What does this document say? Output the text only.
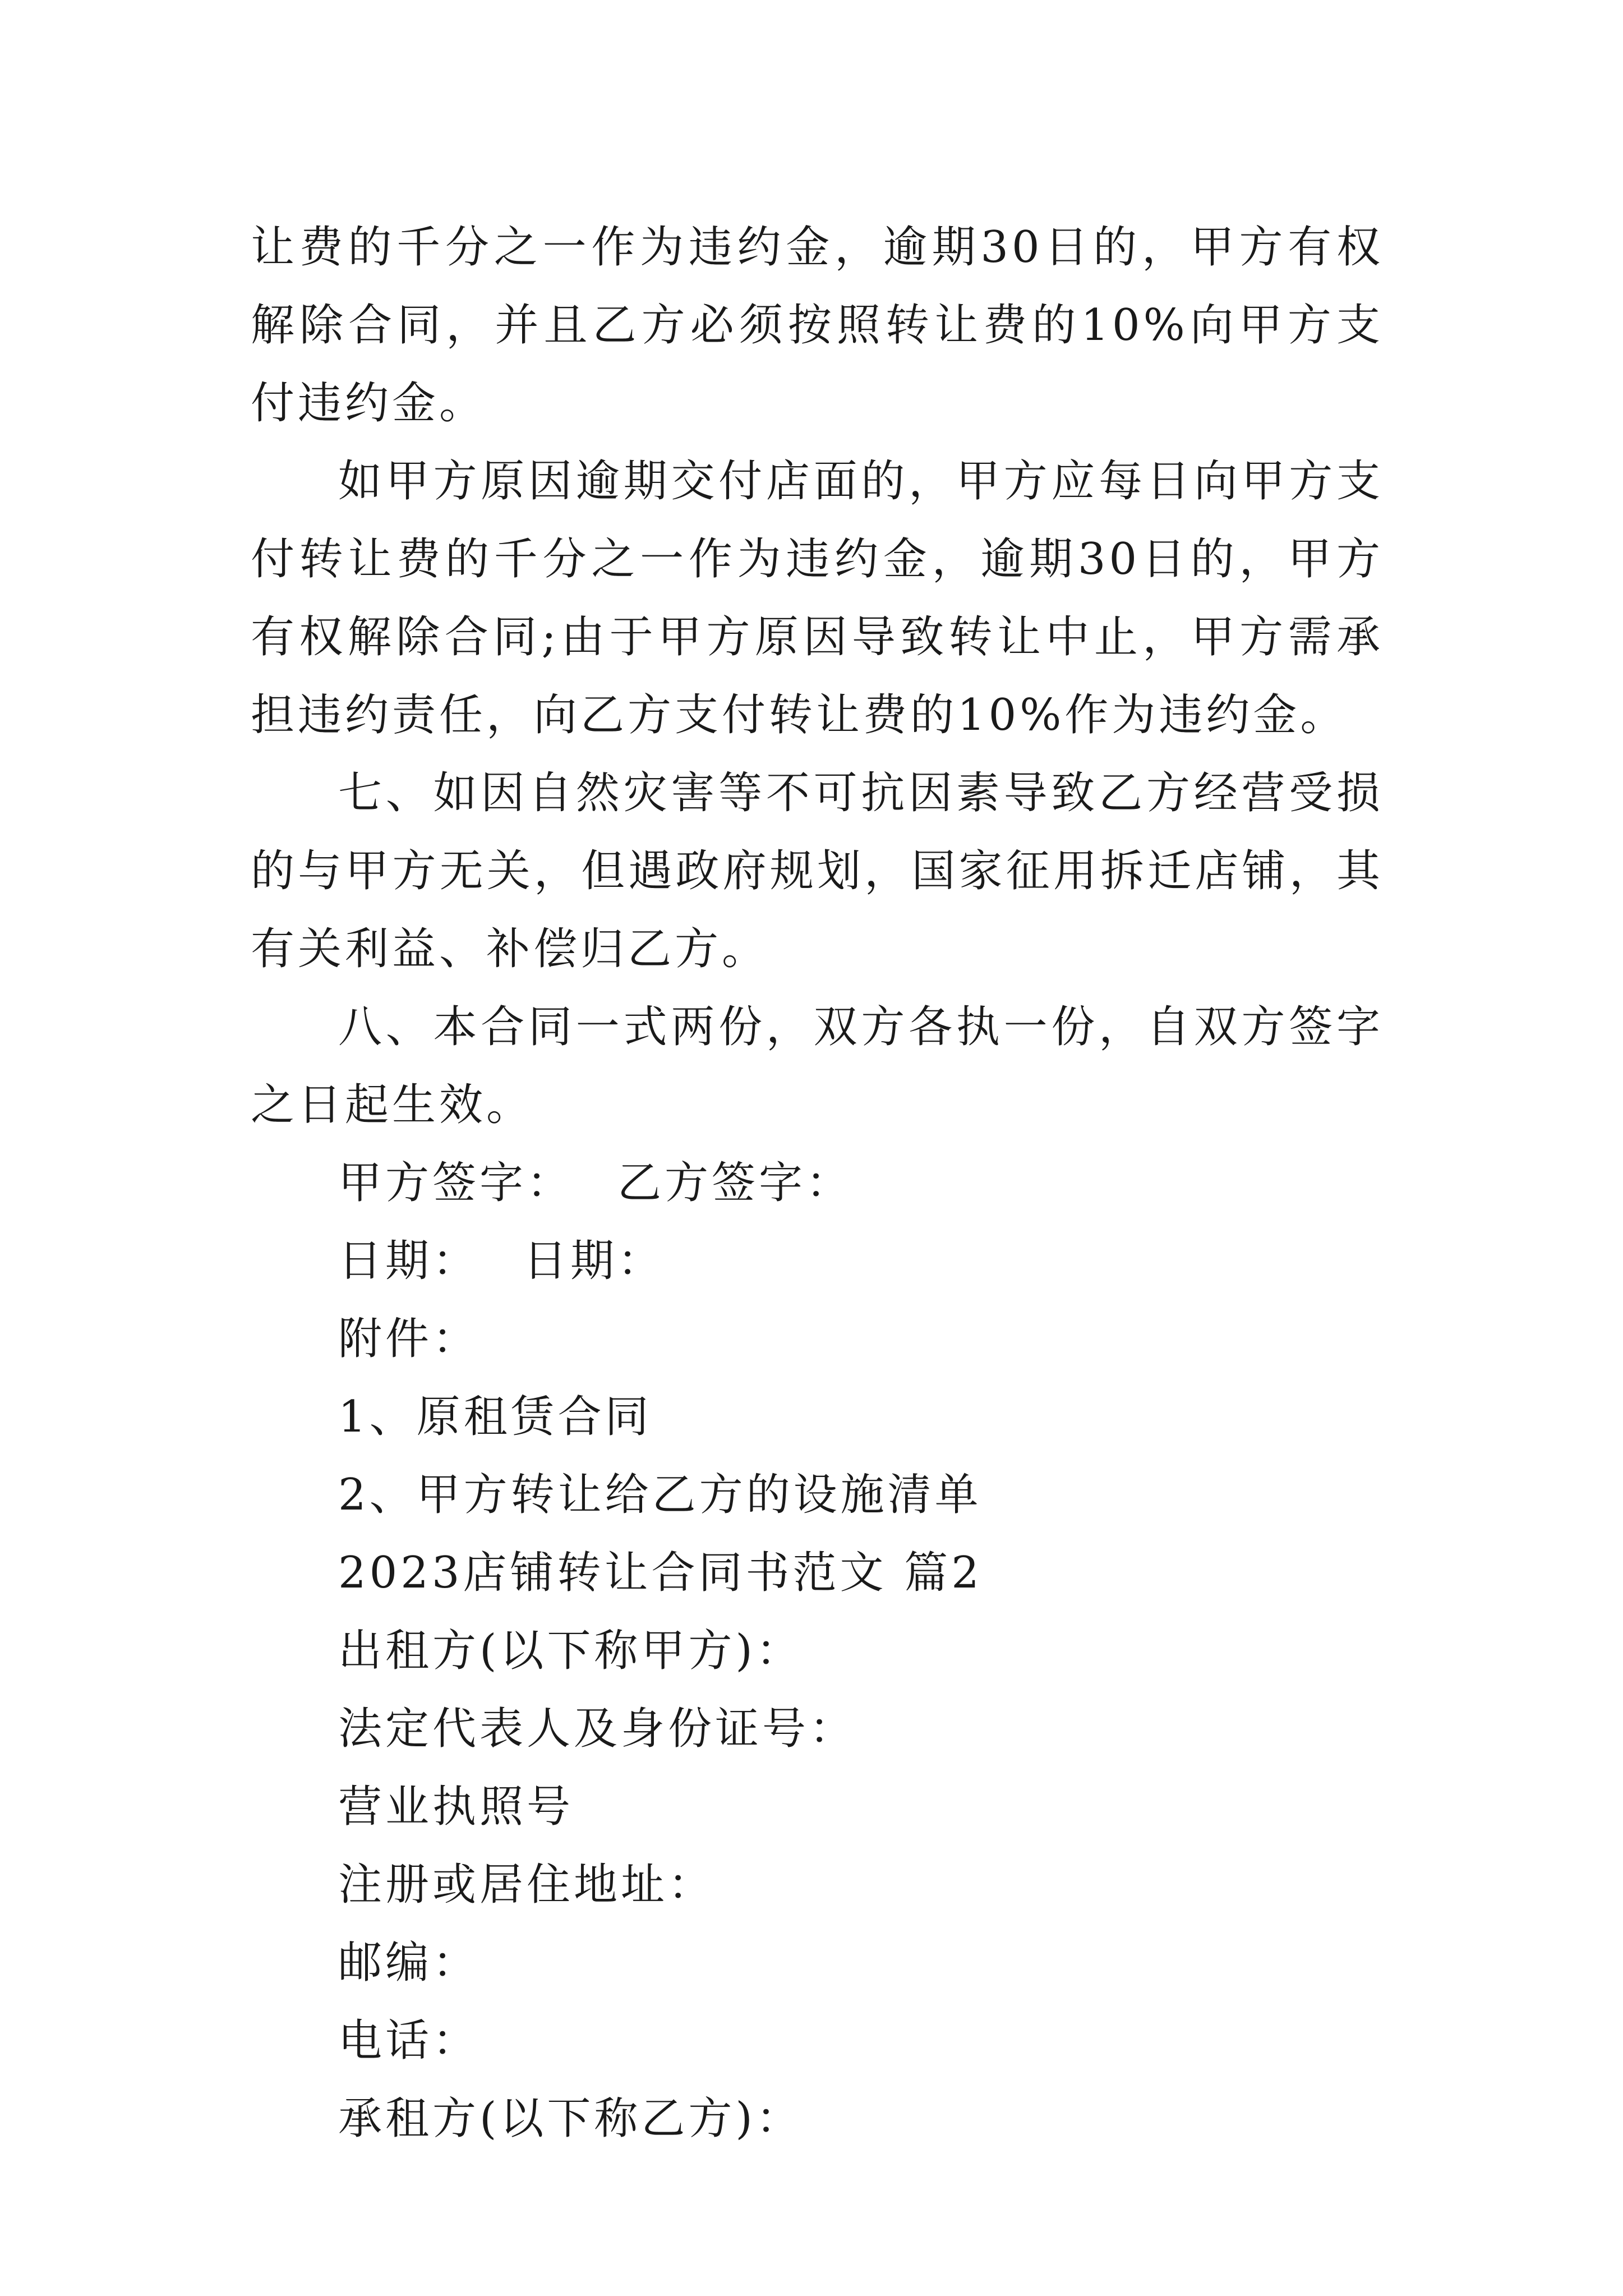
让费的千分之一作为违约金，逾期30日的，甲方有权解除合同，并且乙方必须按照转让费的10%向甲方支付违约金。

如甲方原因逾期交付店面的，甲方应每日向甲方支付转让费的千分之一作为违约金，逾期30日的，甲方有权解除合同;由于甲方原因导致转让中止，甲方需承担违约责任，向乙方支付转让费的10%作为违约金。

七、如因自然灾害等不可抗因素导致乙方经营受损的与甲方无关，但遇政府规划，国家征用拆迁店铺，其有关利益、补偿归乙方。

八、本合同一式两份，双方各执一份，自双方签字之日起生效。

甲方签字： 乙方签字：

日期： 日期：

附件：

1、原租赁合同

2、甲方转让给乙方的设施清单

2023店铺转让合同书范文 篇2

出租方(以下称甲方)：

法定代表人及身份证号：

营业执照号

注册或居住地址：

邮编：

电话：

承租方(以下称乙方)：
